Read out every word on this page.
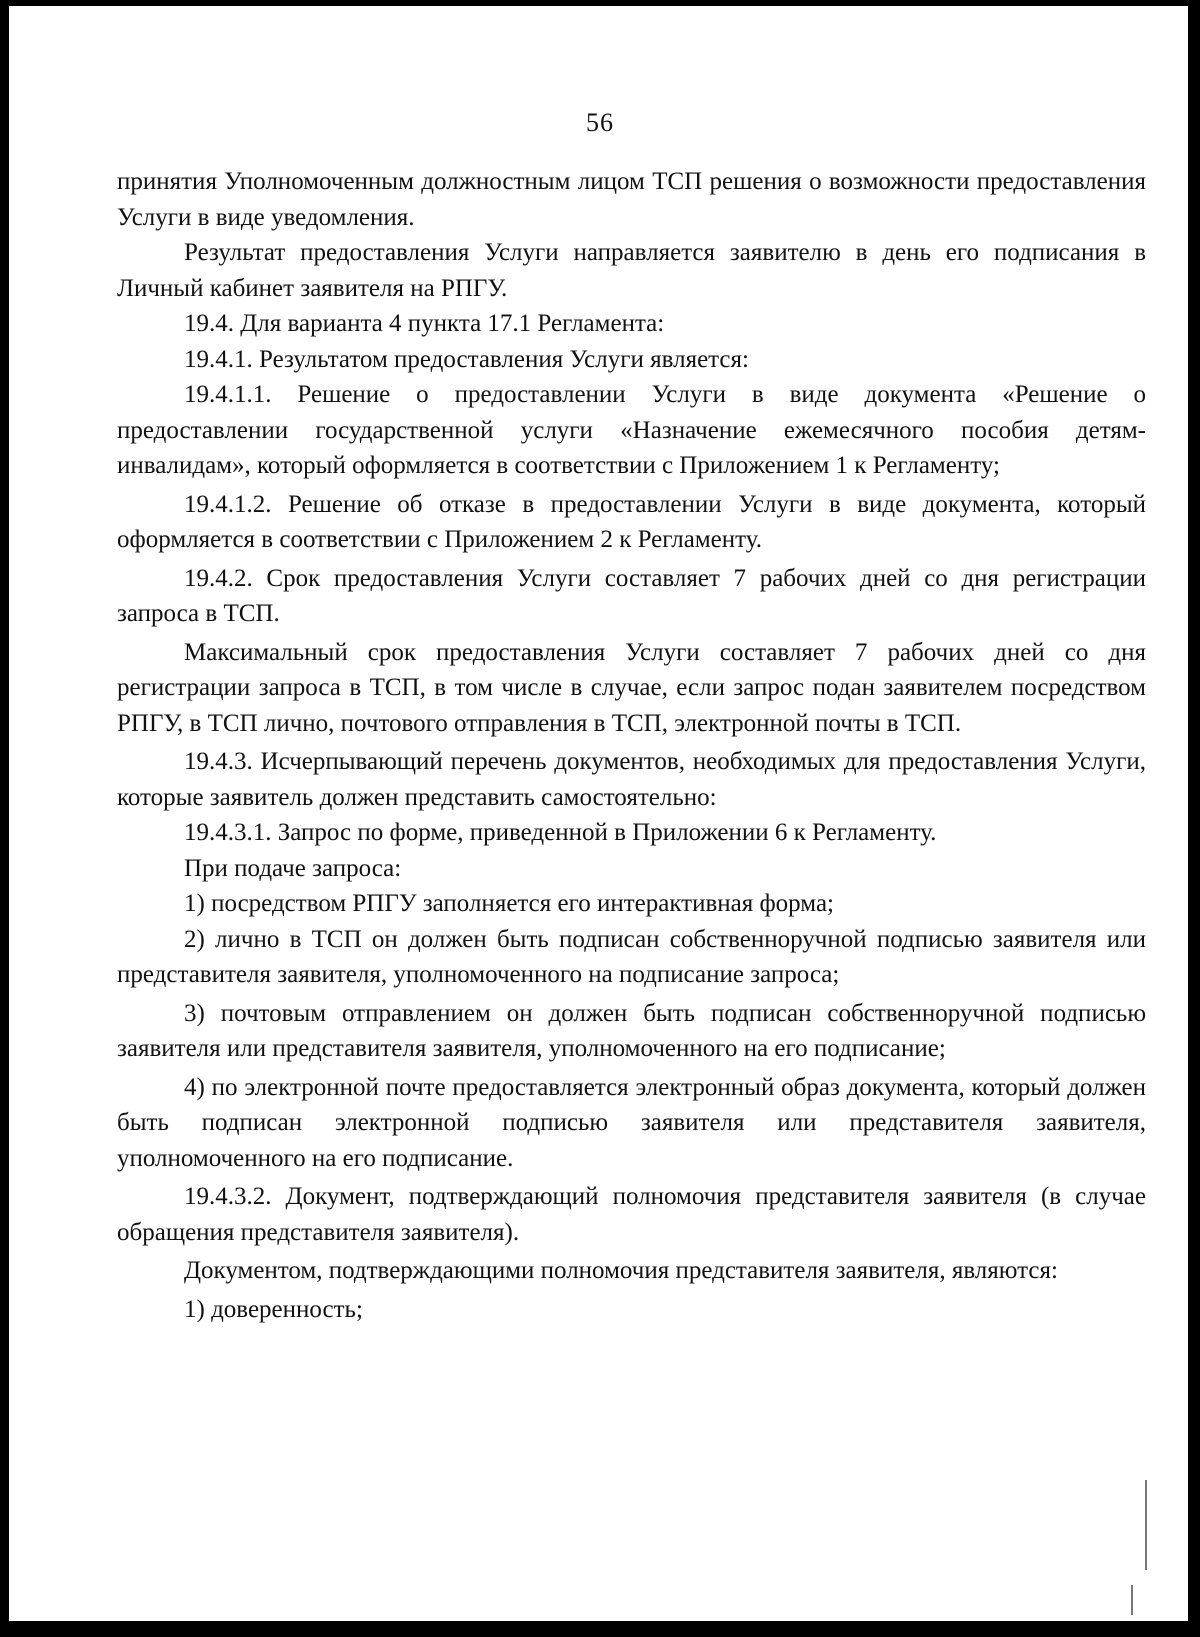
56

принятия Уполномоченным должностным лицом ТСП решения о возможности предоставления Услуги в виде уведомления.

Результат предоставления Услуги направляется заявителю в день его подписания в Личный кабинет заявителя на РПГУ.

19.4. Для варианта 4 пункта 17.1 Регламента:

19.4.1. Результатом предоставления Услуги является:

19.4.1.1. Решение о предоставлении Услуги в виде документа «Решение о предоставлении государственной услуги «Назначение ежемесячного пособия детям-инвалидам», который оформляется в соответствии с Приложением 1 к Регламенту;

19.4.1.2. Решение об отказе в предоставлении Услуги в виде документа, который оформляется в соответствии с Приложением 2 к Регламенту.

19.4.2. Срок предоставления Услуги составляет 7 рабочих дней со дня регистрации запроса в ТСП.

Максимальный срок предоставления Услуги составляет 7 рабочих дней со дня регистрации запроса в ТСП, в том числе в случае, если запрос подан заявителем посредством РПГУ, в ТСП лично, почтового отправления в ТСП, электронной почты в ТСП.

19.4.3. Исчерпывающий перечень документов, необходимых для предоставления Услуги, которые заявитель должен представить самостоятельно:

19.4.3.1. Запрос по форме, приведенной в Приложении 6 к Регламенту.

При подаче запроса:

1) посредством РПГУ заполняется его интерактивная форма;

2) лично в ТСП он должен быть подписан собственноручной подписью заявителя или представителя заявителя, уполномоченного на подписание запроса;

3) почтовым отправлением он должен быть подписан собственноручной подписью заявителя или представителя заявителя, уполномоченного на его подписание;

4) по электронной почте предоставляется электронный образ документа, который должен быть подписан электронной подписью заявителя или представителя заявителя, уполномоченного на его подписание.

19.4.3.2. Документ, подтверждающий полномочия представителя заявителя (в случае обращения представителя заявителя).

Документом, подтверждающими полномочия представителя заявителя, являются:

1) доверенность;
